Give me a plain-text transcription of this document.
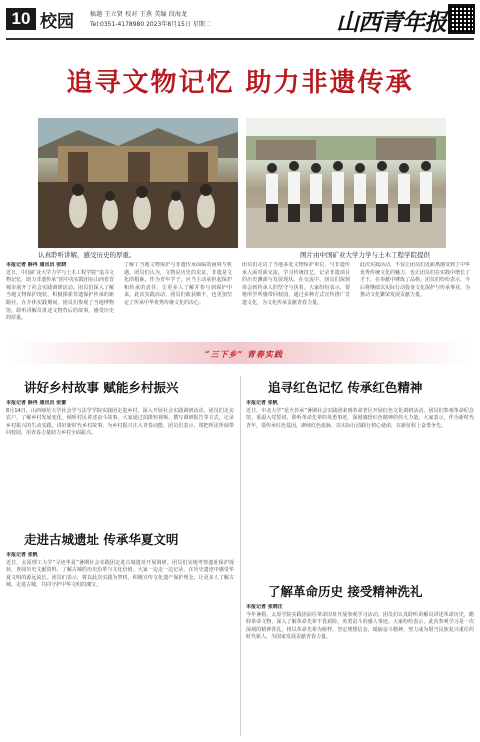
10 校园	稿题 王立贤 校对 王燕 美编 段海龙
Tel:0351-4178980 2023年8月15日 星期二	山西青年报
追寻文物记忆 助力非遗传承
认真聆听讲解，感受历史的厚重。	图片由中国矿业大学力学与土木工程学院提供
本报记者 薛冉 通讯员 张晓
近日，中国矿业大学力学与土木工程学院“追寻文物记忆，助力非遗传承”团中央实践团在山西省晋城市展开了社会实践调研活动。团员们深入了解当地文物保护现状，积极探索非遗保护传承的新路径。在介休实践期间，团员们参观了当地博物馆，聆听讲解员讲述文物背后的故事，感受历史的厚重。
了解了当地文物保护与非遗传承面临的困境与机遇。团员们认为，文物是历史的见证，非遗是文化的根脉。作为青年学子，应当主动承担起保护和传承的责任，让更多人了解并参与到保护中来。此次实践活动，团员们收获颇丰，也更加坚定了传承中华优秀传统文化的决心。
团员们走访了当地多处文物保护单位，与非遗传承人面对面交流，学习传统技艺，记录非遗项目的历史渊源与发展现状。在交流中，团员们深刻体会到传承人的坚守与执着。大家纷纷表示，要将所学所感带回校园，通过多种方式宣传推广非遗文化，为文化传承贡献青春力量。
此次实践活动，不仅让团员们近距离感受到了中华优秀传统文化的魅力，也让团员们在实践中增长了才干，在奉献中锤炼了品格。团员们纷纷表示，今后将继续以实际行动投身文化保护与传承事业，为推动文化繁荣发展贡献力量。
“三下乡” 青春实践
讲好乡村故事 赋能乡村振兴
本报记者 薛冉 通讯员 张蕾
8月14日，山西师范大学社会学与法学学院实践团走进乡村，深入开展社会实践调研活动。团员们走访农户，了解乡村发展变化，倾听村民讲述奋斗故事。大家通过拍摄短视频、撰写调研报告等方式，记录乡村振兴的生动实践，讲好新时代乡村故事，为乡村振兴注入青春动能。团员们表示，将把所见所闻带回校园，用青春力量助力乡村全面振兴。
追寻红色记忆 传承红色精神
本报记者 张帆
近日，中北大学“星火传承”暑期社会实践团来到革命老区开展红色文化调研活动。团员们参观革命纪念馆，重温入党誓词，聆听革命先辈的英勇事迹，深刻感悟红色精神的伟大力量。大家表示，作为新时代青年，要传承红色基因，赓续红色血脉，以实际行动践行初心使命，在新征程上奋勇争先。
走进古城遗址 传承华夏文明
本报记者 张帆
近日，太原理工大学“寻迹华夏”暑期社会实践团走进古城遗址开展调研。团员们实地考察遗址保护现状，查阅历史文献资料，了解古城的历史沿革与文化价值。大家一边走一边记录，在历史遗迹中感受华夏文明的源远流长。团员们表示，将以此次实践为契机，积极宣传文化遗产保护理念，让更多人了解古城、走进古城，共同守护中华文明的瑰宝。	了解革命历史 接受精神洗礼
本报记者 张晓庄
今年暑假，太原学院实践团前往革命旧址开展参观学习活动。团员们认真聆听讲解员讲述革命历史，瞻仰革命文物，深入了解革命先辈不畏艰险、英勇奋斗的感人事迹。大家纷纷表示，此次参观学习是一次深刻的精神洗礼，将以革命先辈为榜样，坚定理想信念，砥砺奋斗精神，努力成为堪当民族复兴重任的时代新人，为国家发展贡献青春力量。
